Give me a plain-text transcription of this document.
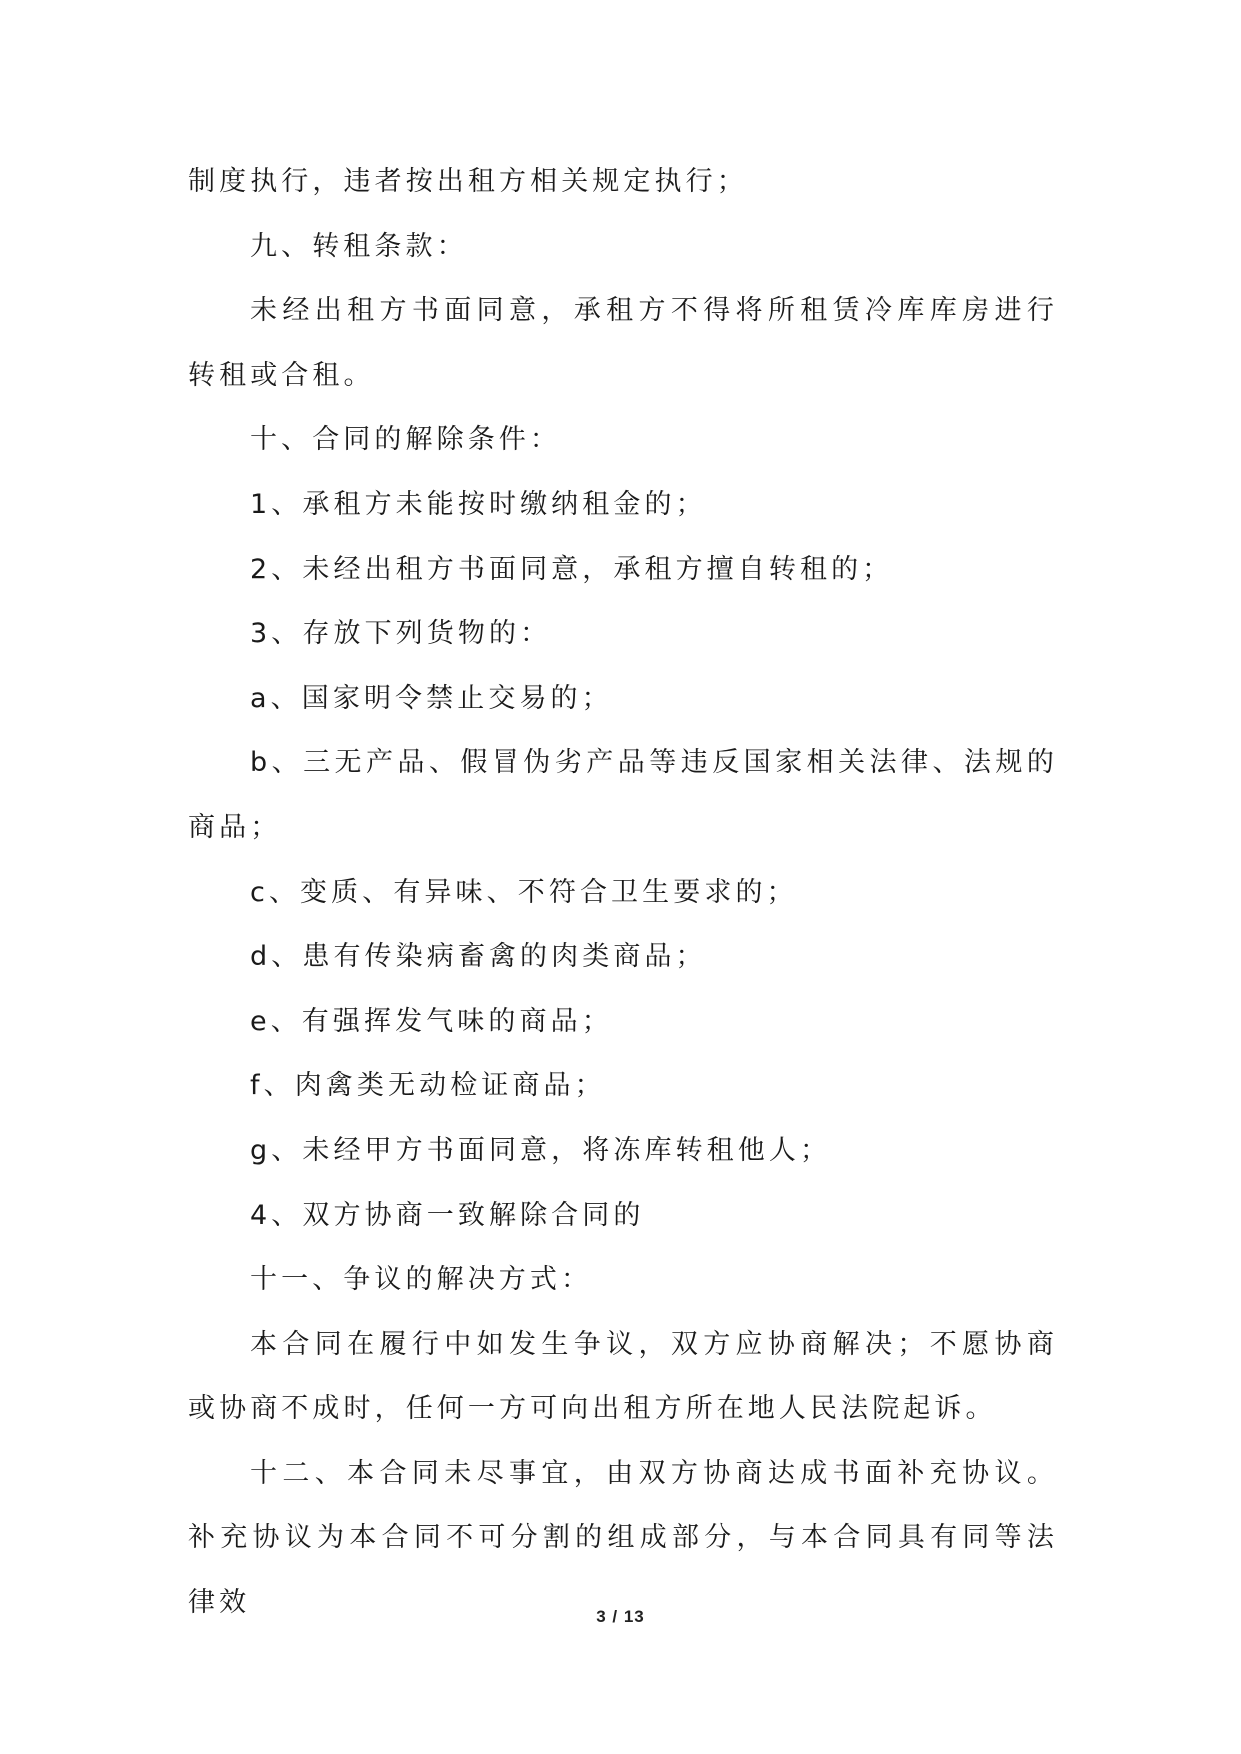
制度执行，违者按出租方相关规定执行；

九、转租条款：

未经出租方书面同意，承租方不得将所租赁冷库库房进行转租或合租。

十、合同的解除条件：

1、承租方未能按时缴纳租金的；

2、未经出租方书面同意，承租方擅自转租的；

3、存放下列货物的：

a、国家明令禁止交易的；

b、三无产品、假冒伪劣产品等违反国家相关法律、法规的商品；

c、变质、有异味、不符合卫生要求的；

d、患有传染病畜禽的肉类商品；

e、有强挥发气味的商品；

f、肉禽类无动检证商品；

g、未经甲方书面同意，将冻库转租他人；

4、双方协商一致解除合同的

十一、争议的解决方式：

本合同在履行中如发生争议，双方应协商解决；不愿协商或协商不成时，任何一方可向出租方所在地人民法院起诉。

十二、本合同未尽事宜，由双方协商达成书面补充协议。补充协议为本合同不可分割的组成部分，与本合同具有同等法律效	3 / 13
